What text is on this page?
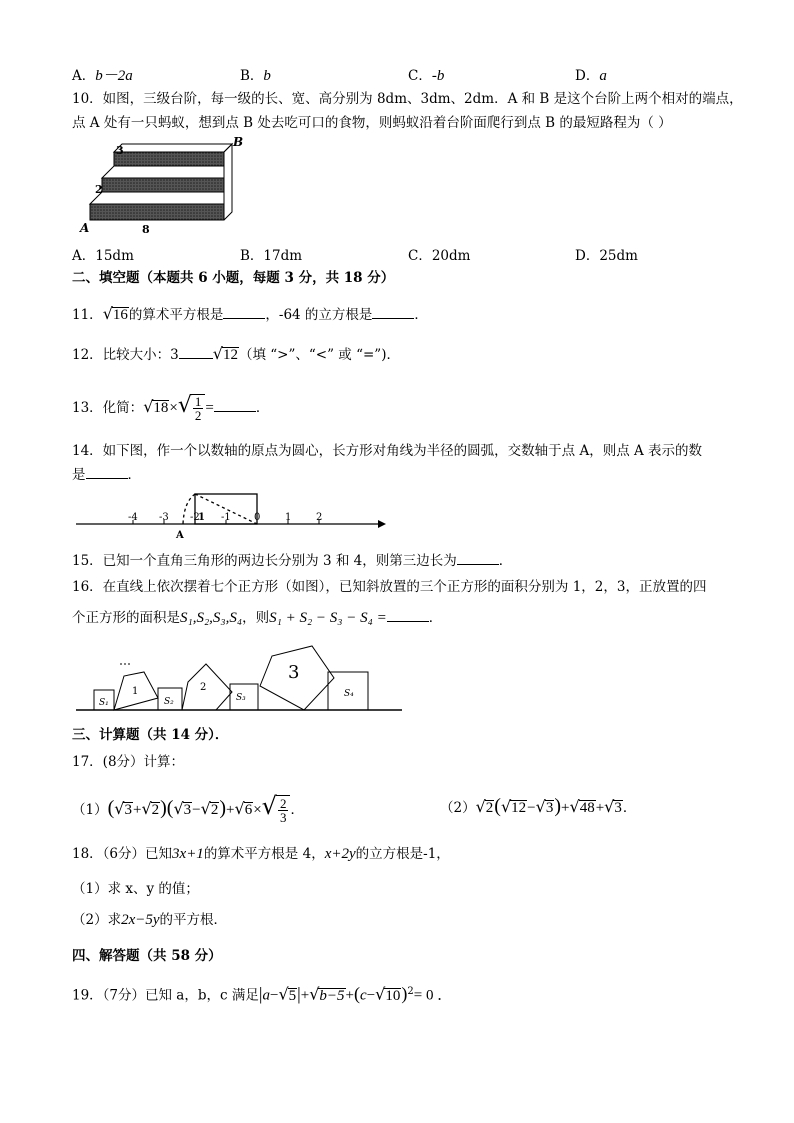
A．b－2a	B．b	C．-b	D．a
10．如图，三级台阶，每一级的长、宽、高分别为 8dm、3dm、2dm．A 和 B 是这个台阶上两个相对的端点，
点 A 处有一只蚂蚁，想到点 B 处去吃可口的食物，则蚂蚁沿着台阶面爬行到点 B 的最短路程为（ ）
3
2
A
B
8
A．15dm	B．17dm	C．20dm	D．25dm
二、填空题（本题共 6 小题，每题 3 分，共 18 分）
11．√16的算术平方根是	，-64 的立方根是	．
12．比较大小：3 √12（填 “>”、“<” 或 “=”)．
13．化简：$√18\times√ \frac{1}{2}$ =	．
14．如下图，作一个以数轴的原点为圆心，长方形对角线为半径的圆弧，交数轴于点 A，则点 A 表示的数
是	．
-4 -3 -2 -1 0 1 2
A
1
15．已知一个直角三角形的两边长分别为 3 和 4，则第三边长为	．
16．在直线上依次摆着七个正方形（如图），已知斜放置的三个正方形的面积分别为 1，2，3，正放置的四
个正方形的面积是S₁,S₂,S₃,S₄，则S₁ + S₂ − S₃ − S₄ =	．
S₁
1
S₂
2
S₃
3
S₄
三、计算题（共 14 分）．
17．(8分）计算：
$(1)(√3+√2)(√3-√2)+√6\times√ \frac{2}{3}$ ．	（2）√2(√12−√3)+√48+√3．
18．（6分）已知3x+1的算术平方根是 4，x+2y的立方根是-1，
（1）求 x、y 的值；
（2）求2x−5y的平方根．
四、解答题（共 58 分）
19．（7分）已知 a，b，c 满足$|a-√5|+√b-5+(c-√10)^2= 0$ ．
